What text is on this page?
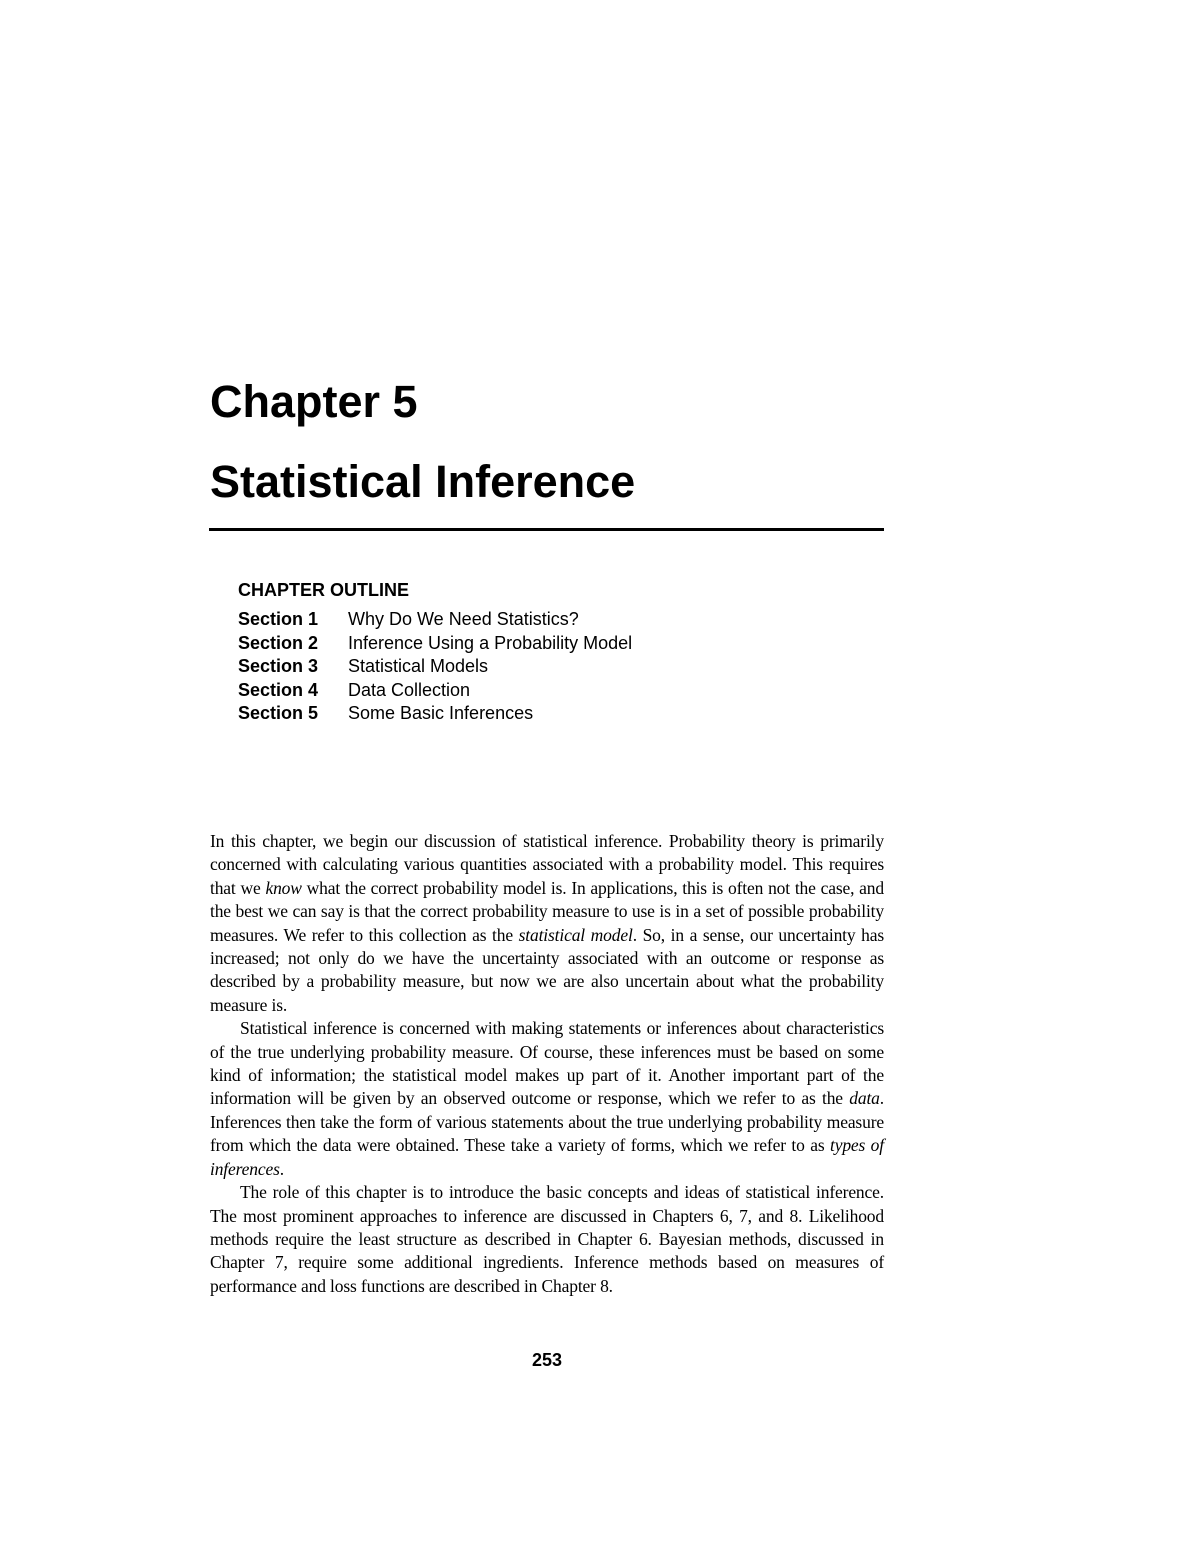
Chapter 5
Statistical Inference
CHAPTER OUTLINE
Section 1	Why Do We Need Statistics?
Section 2	Inference Using a Probability Model
Section 3	Statistical Models
Section 4	Data Collection
Section 5	Some Basic Inferences

In this chapter, we begin our discussion of statistical inference. Probability theory is primarily concerned with calculating various quantities associated with a probability model. This requires that we know what the correct probability model is. In applications, this is often not the case, and the best we can say is that the correct probability measure to use is in a set of possible probability measures. We refer to this collection as the statistical model. So, in a sense, our uncertainty has increased; not only do we have the uncertainty associated with an outcome or response as described by a probability measure, but now we are also uncertain about what the probability measure is.

Statistical inference is concerned with making statements or inferences about characteristics of the true underlying probability measure. Of course, these inferences must be based on some kind of information; the statistical model makes up part of it. Another important part of the information will be given by an observed outcome or response, which we refer to as the data. Inferences then take the form of various statements about the true underlying probability measure from which the data were obtained. These take a variety of forms, which we refer to as types of inferences.

The role of this chapter is to introduce the basic concepts and ideas of statistical inference. The most prominent approaches to inference are discussed in Chapters 6, 7, and 8. Likelihood methods require the least structure as described in Chapter 6. Bayesian methods, discussed in Chapter 7, require some additional ingredients. Inference methods based on measures of performance and loss functions are described in Chapter 8.

253
